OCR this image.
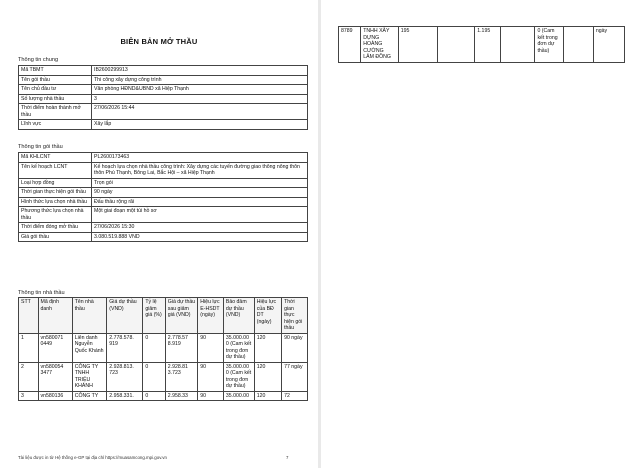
BIÊN BẢN MỞ THẦU
Thông tin chung
Mã TBMT	IB2600299913
Tên gói thầu	Thi công xây dựng công trình
Tên chủ đầu tư	Văn phòng HĐND&UBND xã Hiệp Thạnh
Số lượng nhà thầu	3
Thời điểm hoàn thành mở thầu	27/06/2026 15:44
Lĩnh vực	Xây lắp
Thông tin gói thầu
Mã KHLCNT	PL2600173463
Tên kế hoạch LCNT	Kế hoạch lựa chọn nhà thầu công trình: Xây dựng các tuyến đường giao thông nông thôn thôn Phú Thạnh, Bông Lai, Bắc Hội – xã Hiệp Thạnh
Loại hợp đồng	Trọn gói
Thời gian thực hiện gói thầu	90 ngày
Hình thức lựa chọn nhà thầu	Đấu thầu rộng rãi
Phương thức lựa chọn nhà thầu	Một giai đoạn một túi hồ sơ
Thời điểm đóng mở thầu	27/06/2026 15:30
Giá gói thầu	3.080.519.888 VND
Thông tin nhà thầu
STT	Mã định danh	Tên nhà thầu	Giá dự thầu (VND)	Tỷ lệ giảm giá (%)	Giá dự thầu sau giảm giá (VND)	Hiệu lực E-HSDT (ngày)	Bảo đảm dự thầu (VND)	Hiệu lực của BĐ DT (ngày)	Thời gian thực hiện gói thầu
1	vn580071 0449	Liên danh Nguyễn Quốc Khánh	2.778.578. 919	0	2.778.57 8.919	90	35.000.00 0 (Cam kết trong đơn dự thầu)	120	90 ngày
2	vn580054 3477	CÔNG TY TNHH TRIỆU KHÁNH	2.928.813. 723	0	2.928.81 3.723	90	35.000.00 0 (Cam kết trong đơn dự thầu)	120	77 ngày
3	vn580136	CÔNG TY	2.958.331.	0	2.958.33	90	35.000.00	120	72
Tài liệu được in từ Hệ thống e-GP tại địa chỉ https://muasamcong.mpi.gov.vn	7
8789	TNHH XÂY DỰNG HOÀNG CƯỜNG LÂM ĐỒNG	195		1.195		0 (Cam kết trong đơn dự thầu)		ngày
